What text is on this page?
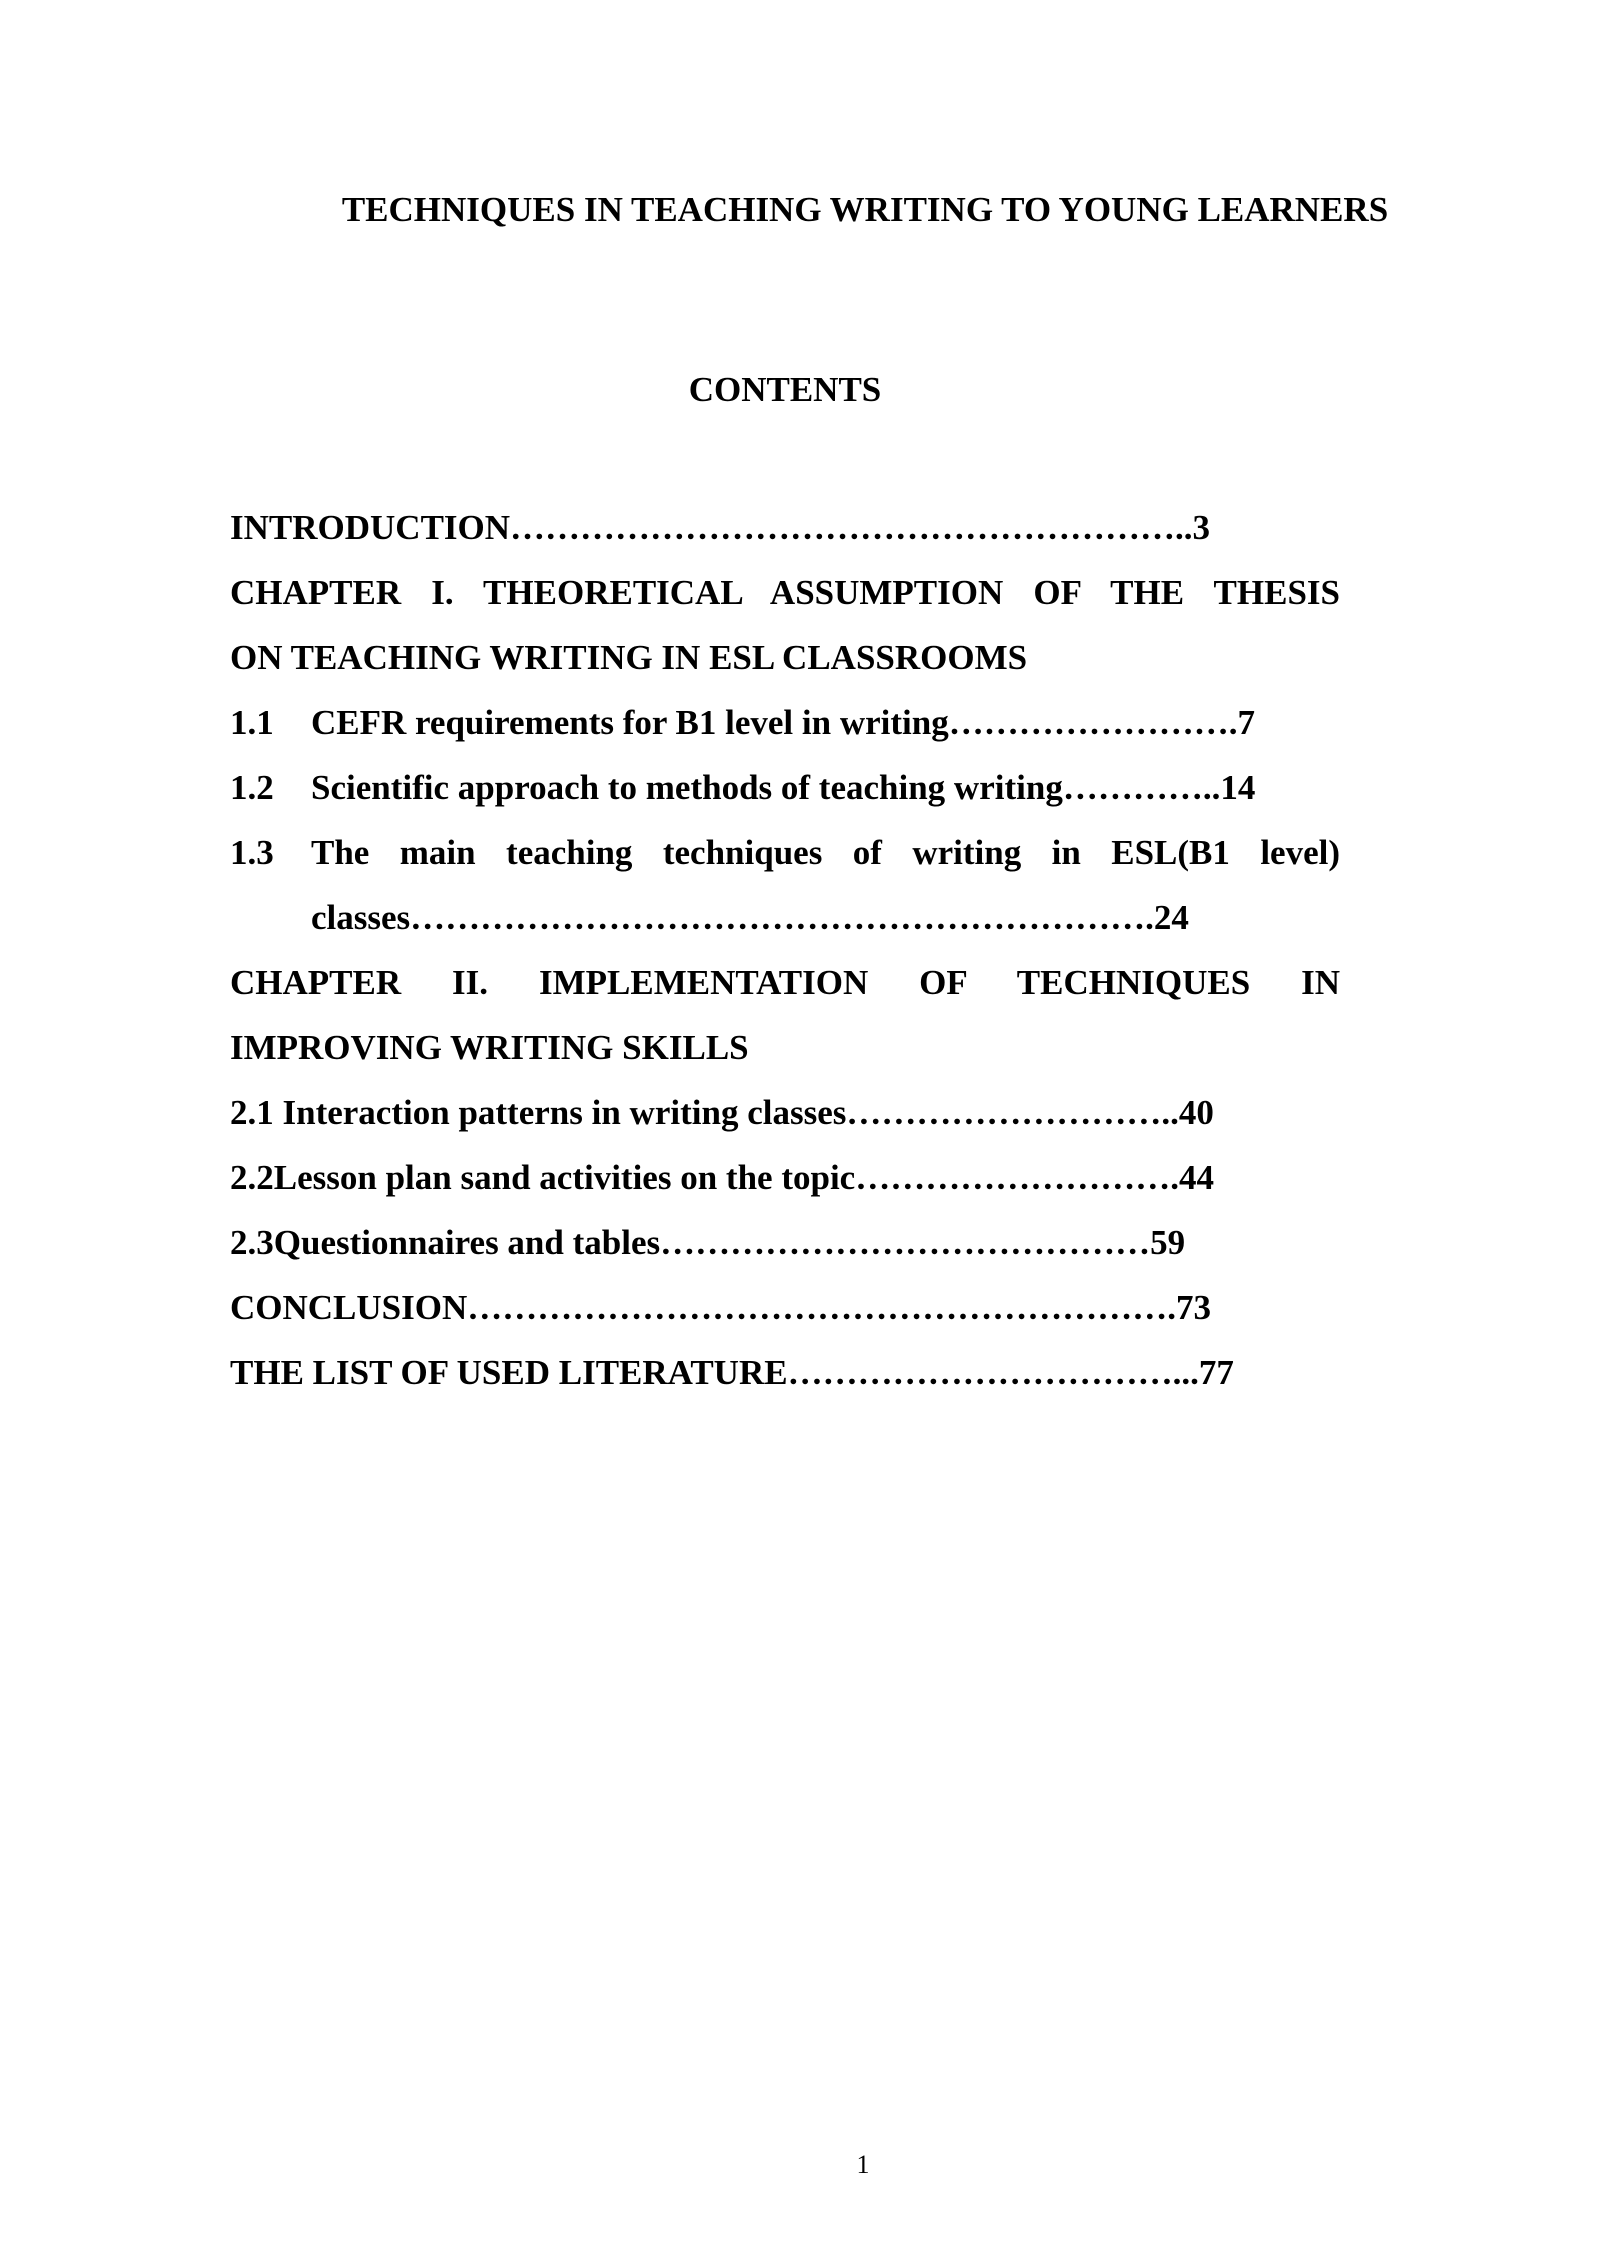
TECHNIQUES IN TEACHING WRITING TO YOUNG LEARNERS
CONTENTS
INTRODUCTION…………………………………………………..3
CHAPTER I. THEORETICAL ASSUMPTION OF THE THESIS
ON TEACHING WRITING IN ESL CLASSROOMS
1.1 CEFR requirements for B1 level in writing…………………….7
1.2 Scientific approach to methods of teaching writing…………..14
1.3 The main teaching techniques of writing in ESL(B1 level)
classes……………………………………………………….24
CHAPTER II. IMPLEMENTATION OF TECHNIQUES IN
IMPROVING WRITING SKILLS
2.1 Interaction patterns in writing classes………………………..40
2.2Lesson plan sand activities on the topic……………………….44
2.3Questionnaires and tables……………………………………59
CONCLUSION…………………………………………………….73
THE LIST OF USED LITERATURE……………………………...77
1
